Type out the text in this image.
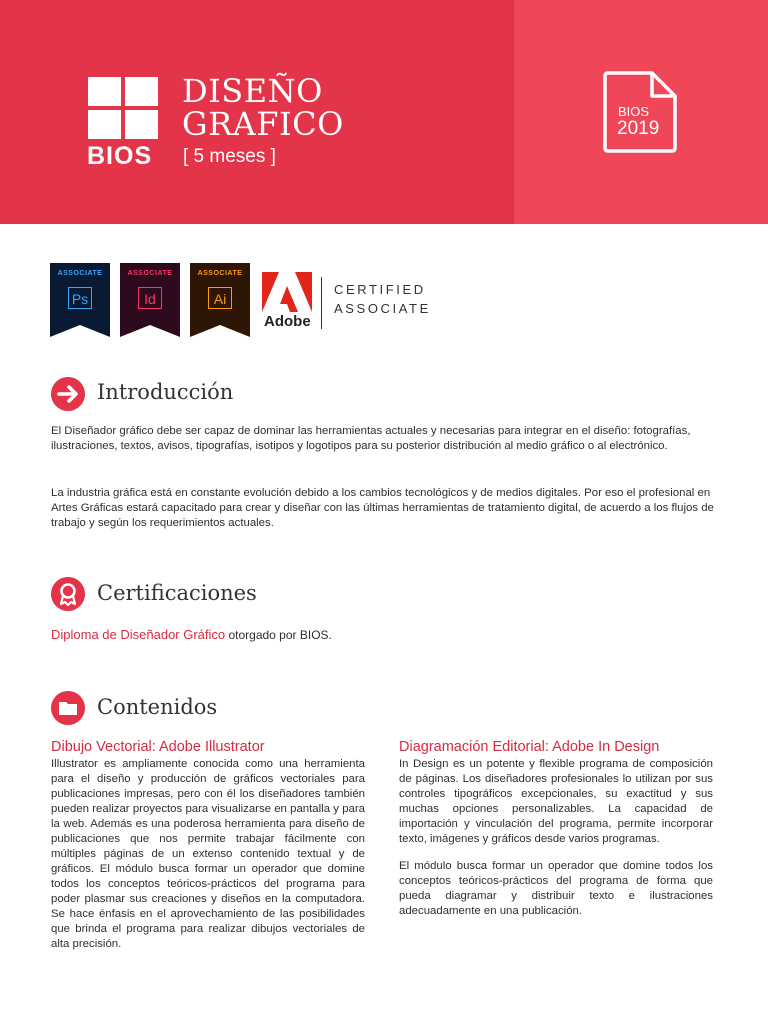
BIOS
DISEÑO
GRAFICO
[ 5 meses ]
BIOS
2019
ASSOCIATE
Ps
ASSOCIATE
Id
ASSOCIATE
Ai
Adobe
CERTIFIED
ASSOCIATE
Introducción

El Diseñador gráfico debe ser capaz de dominar las herramientas actuales y necesarias para integrar en el diseño: fotografías, ilustraciones, textos, avisos, tipografías, isotipos y logotipos para su posterior distribución al medio gráfico o al electrónico.

La industria gráfica está en constante evolución debido a los cambios tecnológicos y de medios digitales. Por eso el profesional en Artes Gráficas estará capacitado para crear y diseñar con las últimas herramientas de tratamiento digital, de acuerdo a los flujos de trabajo y según los requerimientos actuales.

Certificaciones

Diploma de Diseñador Gráfico otorgado por BIOS.

Contenidos
Dibujo Vectorial: Adobe Illustrator

Illustrator es ampliamente conocida como una herramienta para el diseño y producción de gráficos vectoriales para publicaciones impresas, pero con él los diseñadores también pueden realizar proyectos para visualizarse en pantalla y para la web. Además es una poderosa herramienta para diseño de publicaciones que nos permite trabajar fácilmente con múltiples páginas de un extenso contenido textual y de gráficos. El módulo busca formar un operador que domine todos los conceptos teóricos-prácticos del programa para poder plasmar sus creaciones y diseños en la computadora. Se hace énfasis en el aprovechamiento de las posibilidades que brinda el programa para realizar dibujos vectoriales de alta precisión.

Diagramación Editorial: Adobe In Design

In Design es un potente y flexible programa de composición de páginas. Los diseñadores profesionales lo utilizan por sus controles tipográficos excepcionales, su exactitud y sus muchas opciones personalizables. La capacidad de importación y vinculación del programa, permite incorporar texto, imágenes y gráficos desde varios programas.

El módulo busca formar un operador que domine todos los conceptos teóricos-prácticos del programa de forma que pueda diagramar y distribuir texto e ilustraciones adecuadamente en una publicación.
